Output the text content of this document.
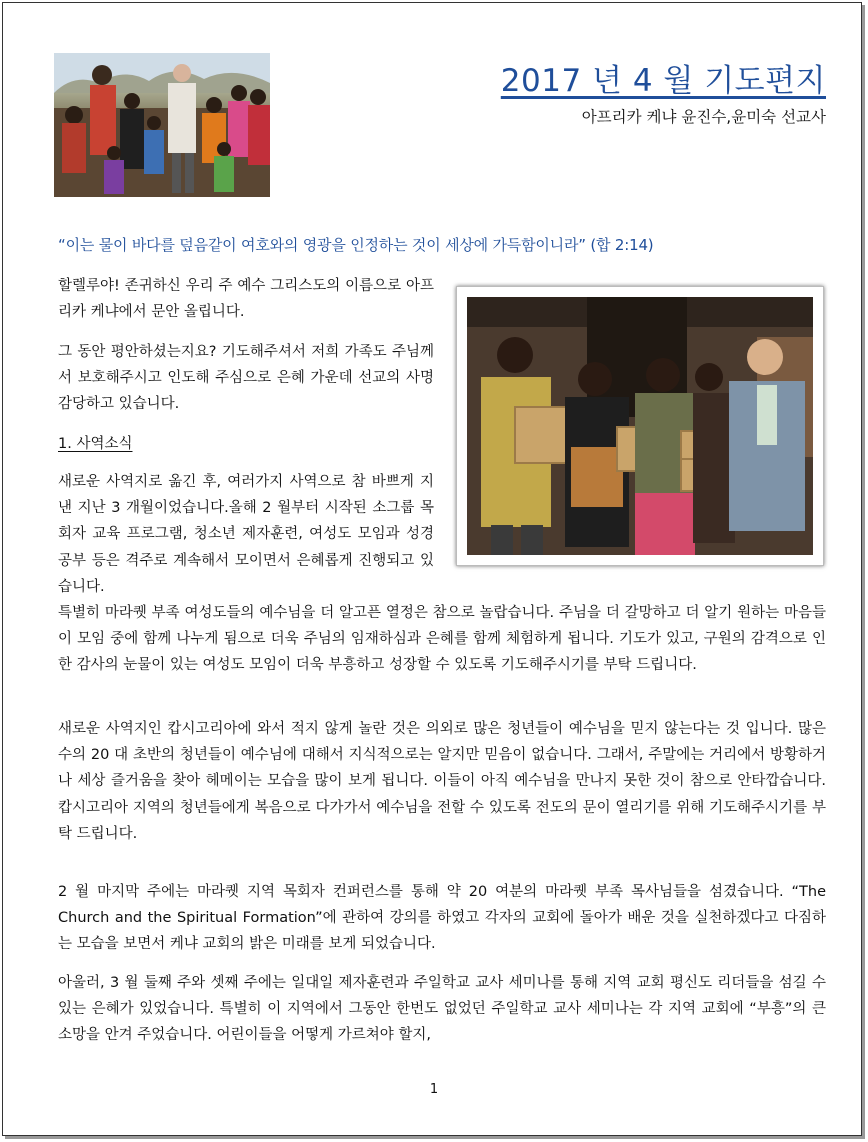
2017 년 4 월 기도편지
아프리카 케냐 윤진수,윤미숙 선교사
“이는 물이 바다를 덮음같이 여호와의 영광을 인정하는 것이 세상에 가득함이니라” (합 2:14)

할렐루야! 존귀하신 우리 주 예수 그리스도의 이름으로 아프리카 케냐에서 문안 올립니다.

그 동안 평안하셨는지요? 기도해주셔서 저희 가족도 주님께서 보호해주시고 인도해 주심으로 은혜 가운데 선교의 사명 감당하고 있습니다.

1. 사역소식

새로운 사역지로 옮긴 후, 여러가지 사역으로 참 바쁘게 지낸 지난 3 개월이었습니다.올해 2 월부터 시작된 소그룹 목회자 교육 프로그램, 청소년 제자훈련, 여성도 모임과 성경공부 등은 격주로 계속해서 모이면서 은혜롭게 진행되고 있습니다.

특별히 마라퀫 부족 여성도들의 예수님을 더 알고픈 열정은 참으로 놀랍습니다. 주님을 더 갈망하고 더 알기 원하는 마음들이 모임 중에 함께 나누게 됨으로 더욱 주님의 임재하심과 은혜를 함께 체험하게 됩니다. 기도가 있고, 구원의 감격으로 인한 감사의 눈물이 있는 여성도 모임이 더욱 부흥하고 성장할 수 있도록 기도해주시기를 부탁 드립니다.

새로운 사역지인 캅시고리아에 와서 적지 않게 놀란 것은 의외로 많은 청년들이 예수님을 믿지 않는다는 것 입니다. 많은 수의 20 대 초반의 청년들이 예수님에 대해서 지식적으로는 알지만 믿음이 없습니다. 그래서, 주말에는 거리에서 방황하거나 세상 즐거움을 찾아 헤메이는 모습을 많이 보게 됩니다. 이들이 아직 예수님을 만나지 못한 것이 참으로 안타깝습니다. 캅시고리아 지역의 청년들에게 복음으로 다가가서 예수님을 전할 수 있도록 전도의 문이 열리기를 위해 기도해주시기를 부탁 드립니다.

2 월 마지막 주에는 마라퀫 지역 목회자 컨퍼런스를 통해 약 20 여분의 마라퀫 부족 목사님들을 섬겼습니다. “The Church and the Spiritual Formation”에 관하여 강의를 하였고 각자의 교회에 돌아가 배운 것을 실천하겠다고 다짐하는 모습을 보면서 케냐 교회의 밝은 미래를 보게 되었습니다.

아울러, 3 월 둘째 주와 셋째 주에는 일대일 제자훈련과 주일학교 교사 세미나를 통해 지역 교회 평신도 리더들을 섬길 수 있는 은혜가 있었습니다. 특별히 이 지역에서 그동안 한번도 없었던 주일학교 교사 세미나는 각 지역 교회에 “부흥”의 큰 소망을 안겨 주었습니다. 어린이들을 어떻게 가르쳐야 할지,

1
